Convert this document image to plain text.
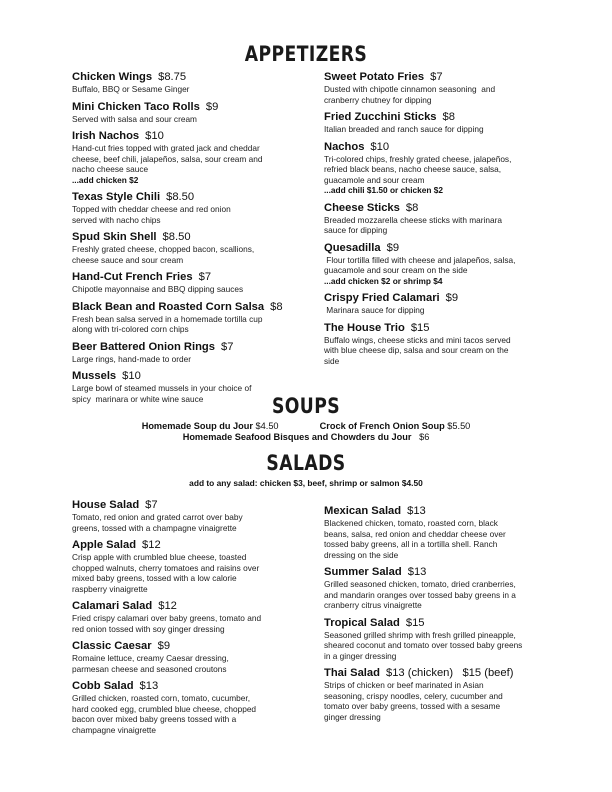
APPETIZERS
Chicken Wings $8.75
Buffalo, BBQ or Sesame Ginger
Mini Chicken Taco Rolls $9
Served with salsa and sour cream
Irish Nachos $10
Hand-cut fries topped with grated jack and cheddar
cheese, beef chili, jalapeños, salsa, sour cream and
nacho cheese sauce
...add chicken $2
Texas Style Chili $8.50
Topped with cheddar cheese and red onion
served with nacho chips
Spud Skin Shell $8.50
Freshly grated cheese, chopped bacon, scallions,
cheese sauce and sour cream
Hand-Cut French Fries $7
Chipotle mayonnaise and BBQ dipping sauces
Black Bean and Roasted Corn Salsa $8
Fresh bean salsa served in a homemade tortilla cup
along with tri-colored corn chips
Beer Battered Onion Rings $7
Large rings, hand-made to order
Mussels $10
Large bowl of steamed mussels in your choice of
spicy  marinara or white wine sauce
Sweet Potato Fries $7
Dusted with chipotle cinnamon seasoning  and
cranberry chutney for dipping
Fried Zucchini Sticks $8
Italian breaded and ranch sauce for dipping
Nachos $10
Tri-colored chips, freshly grated cheese, jalapeños,
refried black beans, nacho cheese sauce, salsa,
guacamole and sour cream
...add chili $1.50 or chicken $2
Cheese Sticks $8
Breaded mozzarella cheese sticks with marinara
sauce for dipping
Quesadilla $9
Flour tortilla filled with cheese and jalapeños, salsa,
guacamole and sour cream on the side
...add chicken $2 or shrimp $4
Crispy Fried Calamari $9
Marinara sauce for dipping
The House Trio $15
Buffalo wings, cheese sticks and mini tacos served
with blue cheese dip, salsa and sour cream on the
side
SOUPS
Homemade Soup du Jour $4.50	Crock of French Onion Soup $5.50
Homemade Seafood Bisques and Chowders du Jour $6
SALADS
add to any salad: chicken $3, beef, shrimp or salmon $4.50
House Salad $7
Tomato, red onion and grated carrot over baby
greens, tossed with a champagne vinaigrette
Apple Salad $12
Crisp apple with crumbled blue cheese, toasted
chopped walnuts, cherry tomatoes and raisins over
mixed baby greens, tossed with a low calorie
raspberry vinaigrette
Calamari Salad $12
Fried crispy calamari over baby greens, tomato and
red onion tossed with soy ginger dressing
Classic Caesar $9
Romaine lettuce, creamy Caesar dressing,
parmesan cheese and seasoned croutons
Cobb Salad $13
Grilled chicken, roasted corn, tomato, cucumber,
hard cooked egg, crumbled blue cheese, chopped
bacon over mixed baby greens tossed with a
champagne vinaigrette
Mexican Salad $13
Blackened chicken, tomato, roasted corn, black
beans, salsa, red onion and cheddar cheese over
tossed baby greens, all in a tortilla shell. Ranch
dressing on the side
Summer Salad $13
Grilled seasoned chicken, tomato, dried cranberries,
and mandarin oranges over tossed baby greens in a
cranberry citrus vinaigrette
Tropical Salad $15
Seasoned grilled shrimp with fresh grilled pineapple,
sheared coconut and tomato over tossed baby greens
in a ginger dressing
Thai Salad $13 (chicken)   $15 (beef)
Strips of chicken or beef marinated in Asian
seasoning, crispy noodles, celery, cucumber and
tomato over baby greens, tossed with a sesame
ginger dressing
